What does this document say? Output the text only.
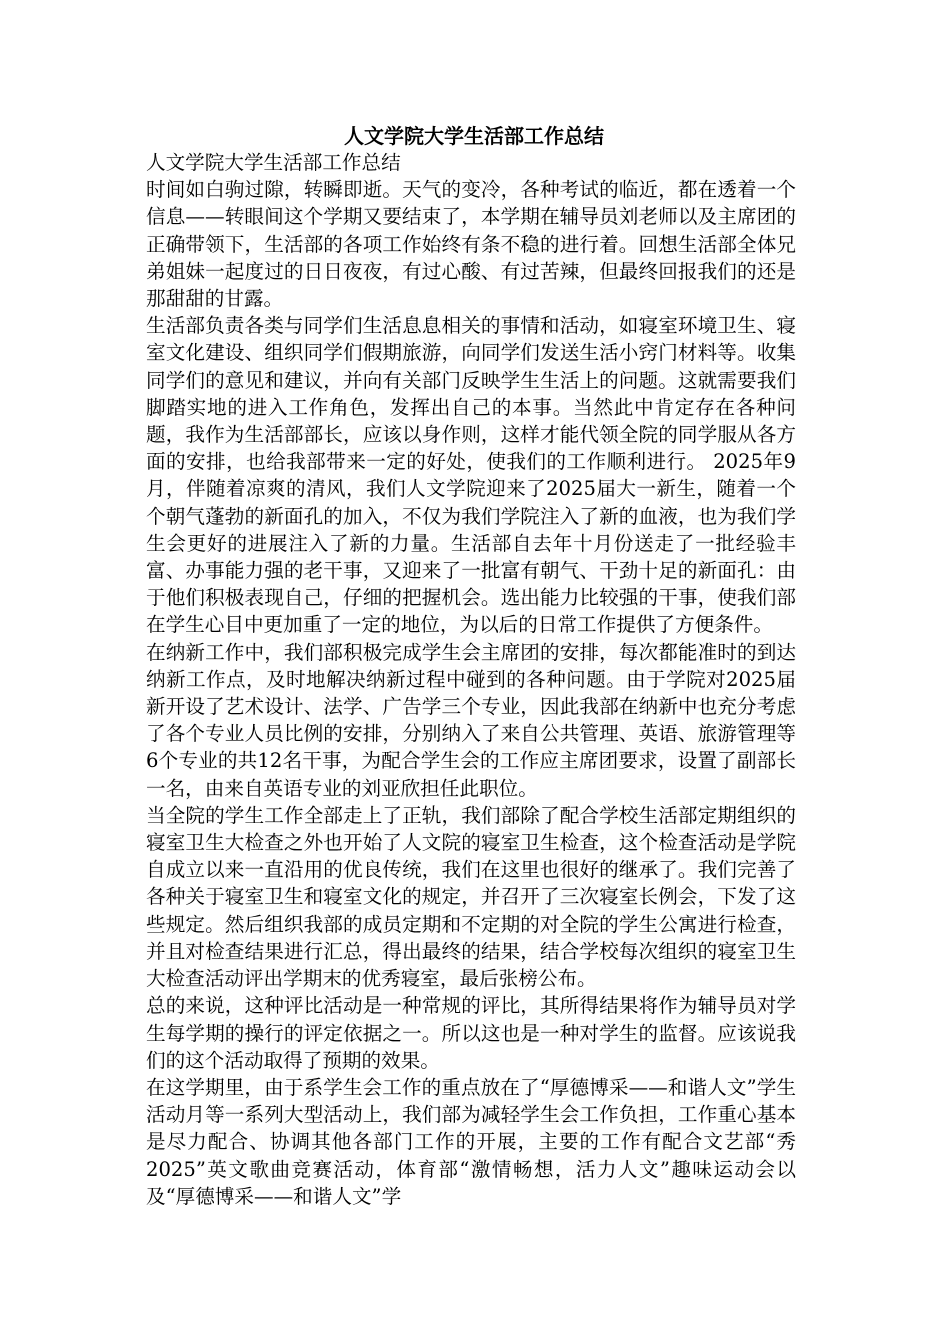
人文学院大学生活部工作总结

人文学院大学生活部工作总结

时间如白驹过隙，转瞬即逝。天气的变冷，各种考试的临近，都在透着一个信息——转眼间这个学期又要结束了，本学期在辅导员刘老师以及主席团的正确带领下，生活部的各项工作始终有条不稳的进行着。回想生活部全体兄弟姐妹一起度过的日日夜夜，有过心酸、有过苦辣，但最终回报我们的还是那甜甜的甘露。

生活部负责各类与同学们生活息息相关的事情和活动，如寝室环境卫生、寝室文化建设、组织同学们假期旅游，向同学们发送生活小窍门材料等。收集同学们的意见和建议，并向有关部门反映学生生活上的问题。这就需要我们脚踏实地的进入工作角色，发挥出自己的本事。当然此中肯定存在各种问题，我作为生活部部长，应该以身作则，这样才能代领全院的同学服从各方面的安排，也给我部带来一定的好处，使我们的工作顺利进行。 2025年9月，伴随着凉爽的清风，我们人文学院迎来了2025届大一新生，随着一个个朝气蓬勃的新面孔的加入，不仅为我们学院注入了新的血液，也为我们学生会更好的进展注入了新的力量。生活部自去年十月份送走了一批经验丰富、办事能力强的老干事，又迎来了一批富有朝气、干劲十足的新面孔：由于他们积极表现自己，仔细的把握机会。选出能力比较强的干事，使我们部在学生心目中更加重了一定的地位，为以后的日常工作提供了方便条件。

在纳新工作中，我们部积极完成学生会主席团的安排，每次都能准时的到达纳新工作点，及时地解决纳新过程中碰到的各种问题。由于学院对2025届新开设了艺术设计、法学、广告学三个专业，因此我部在纳新中也充分考虑了各个专业人员比例的安排，分别纳入了来自公共管理、英语、旅游管理等6个专业的共12名干事，为配合学生会的工作应主席团要求，设置了副部长一名，由来自英语专业的刘亚欣担任此职位。

当全院的学生工作全部走上了正轨，我们部除了配合学校生活部定期组织的寝室卫生大检查之外也开始了人文院的寝室卫生检查，这个检查活动是学院自成立以来一直沿用的优良传统，我们在这里也很好的继承了。我们完善了各种关于寝室卫生和寝室文化的规定，并召开了三次寝室长例会，下发了这些规定。然后组织我部的成员定期和不定期的对全院的学生公寓进行检查，并且对检查结果进行汇总，得出最终的结果，结合学校每次组织的寝室卫生大检查活动评出学期末的优秀寝室，最后张榜公布。

总的来说，这种评比活动是一种常规的评比，其所得结果将作为辅导员对学生每学期的操行的评定依据之一。所以这也是一种对学生的监督。应该说我们的这个活动取得了预期的效果。

在这学期里，由于系学生会工作的重点放在了“厚德博采——和谐人文”学生活动月等一系列大型活动上，我们部为减轻学生会工作负担，工作重心基本是尽力配合、协调其他各部门工作的开展，主要的工作有配合文艺部“秀2025”英文歌曲竞赛活动，体育部“激情畅想，活力人文”趣味运动会以及“厚德博采——和谐人文”学
